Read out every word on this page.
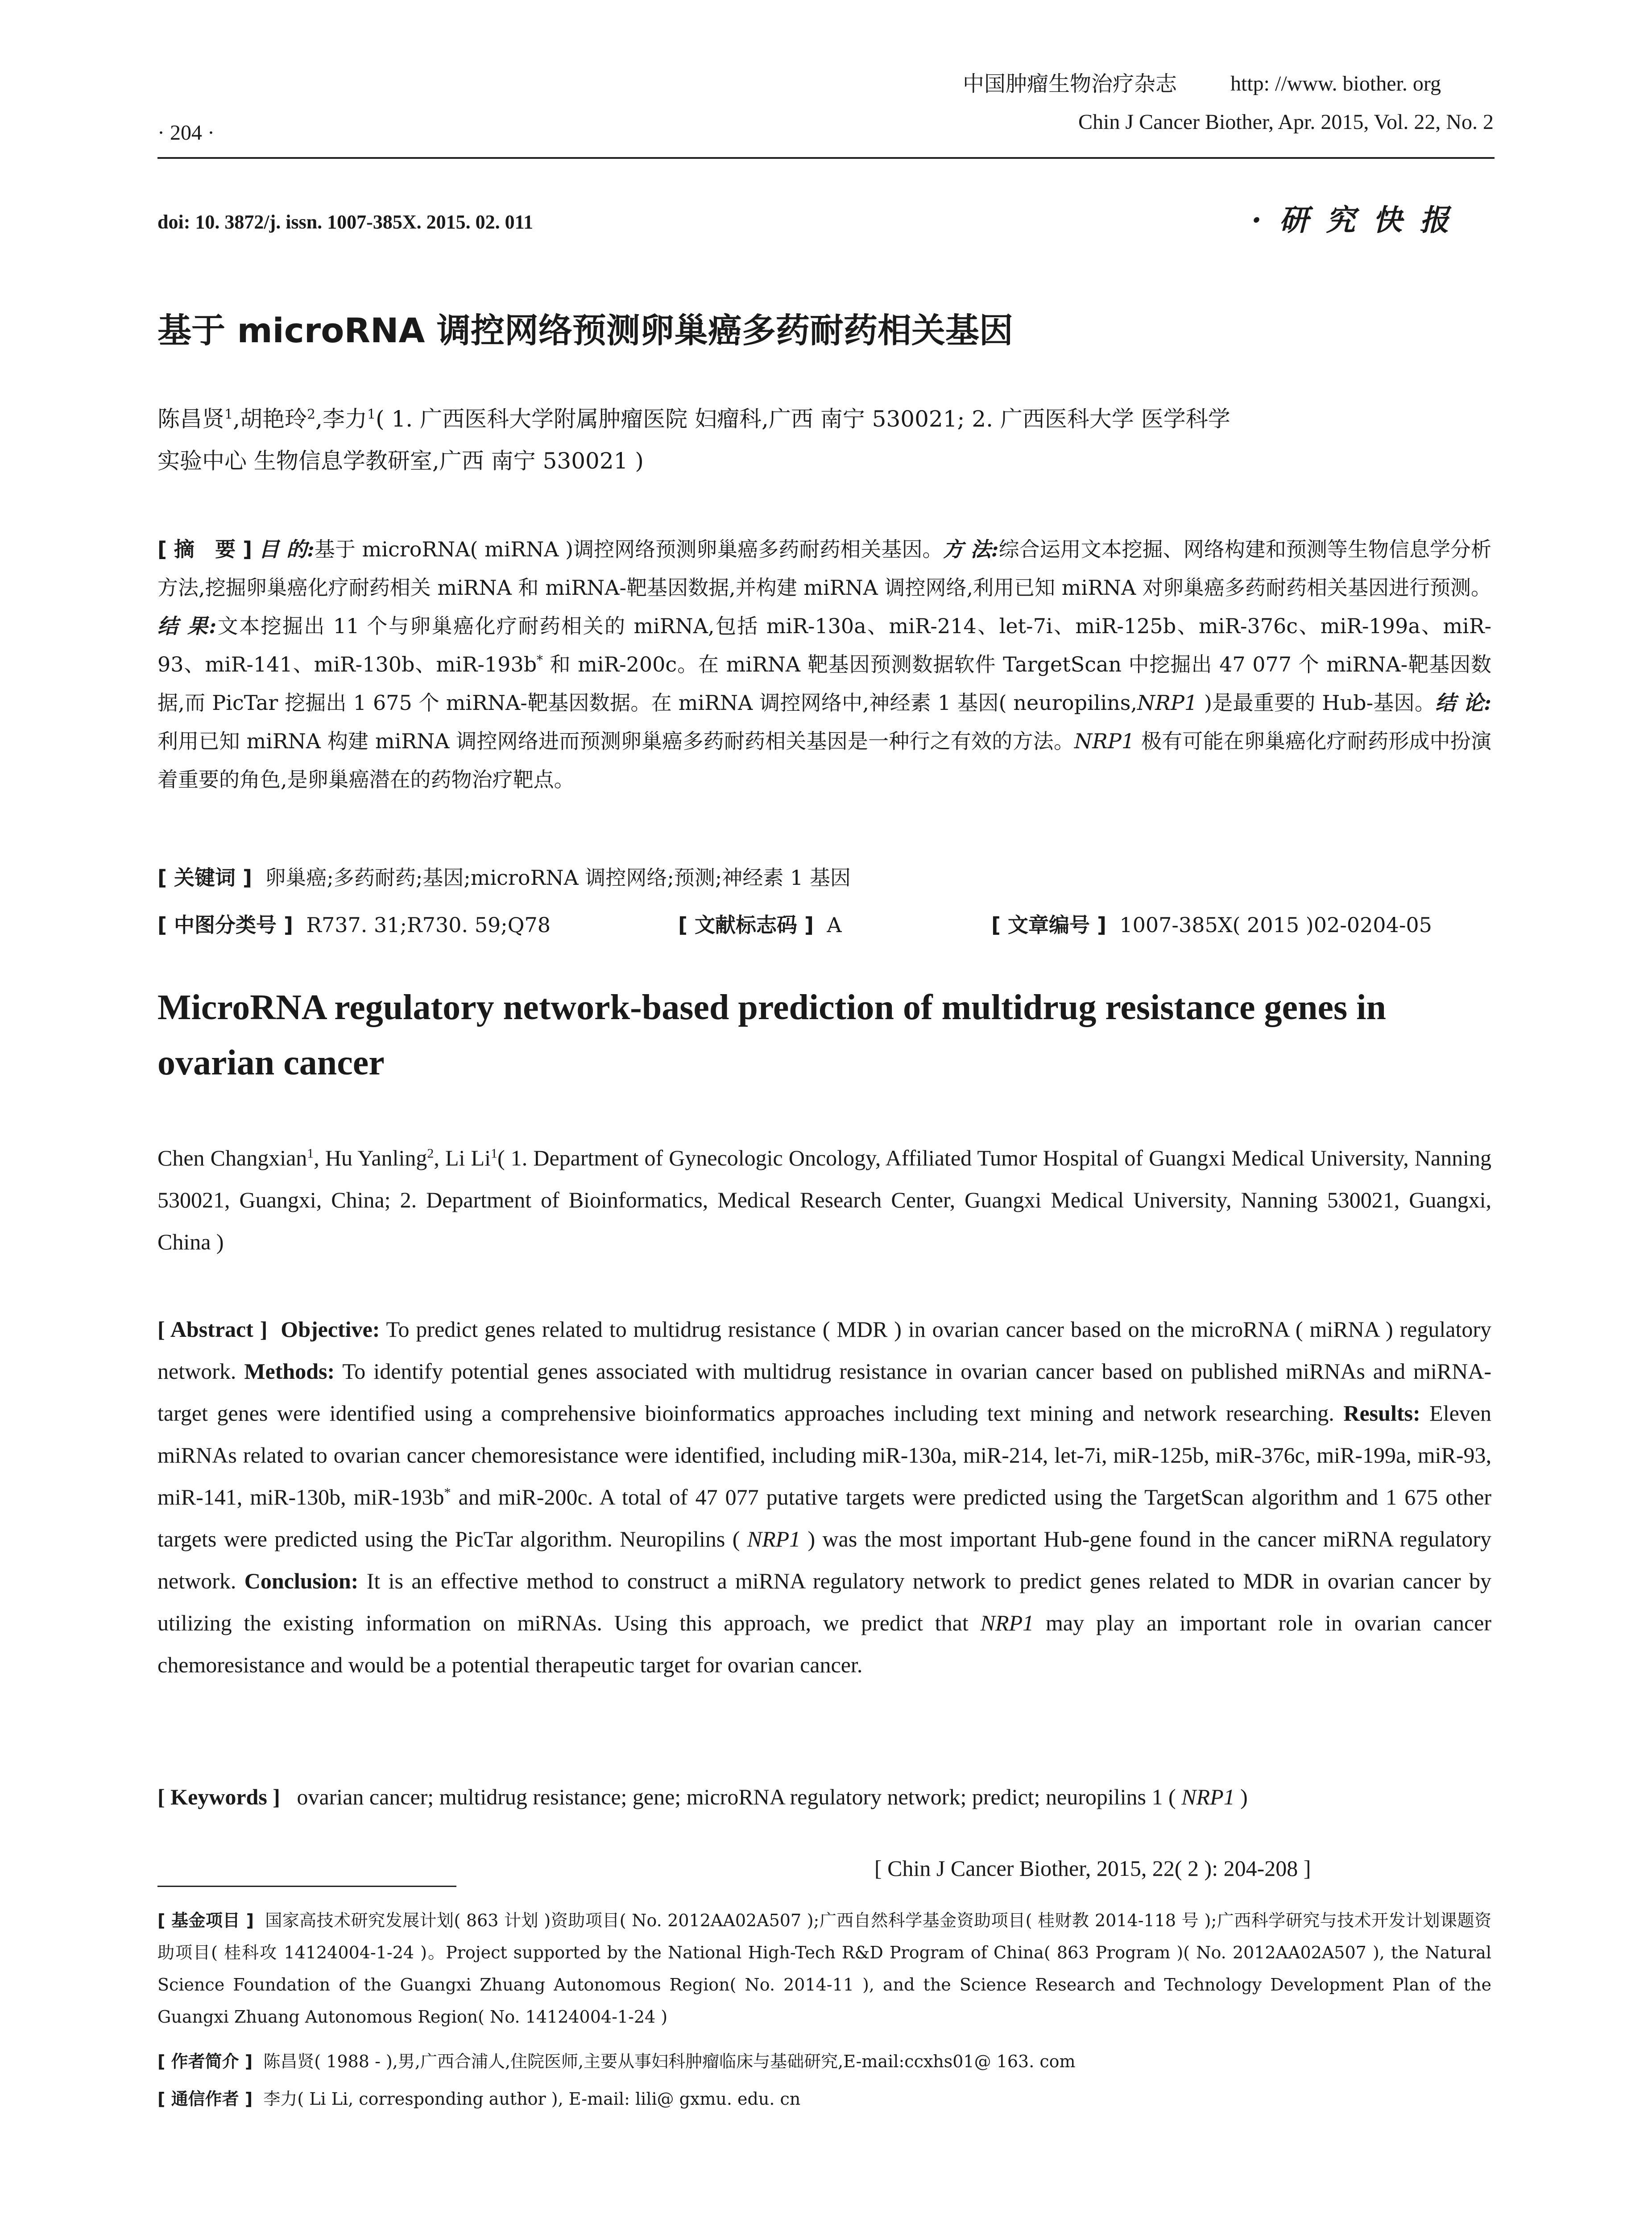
· 204 ·
中国肿瘤生物治疗杂志 http: //www. biother. org
Chin J Cancer Biother, Apr. 2015, Vol. 22, No. 2
doi: 10. 3872/j. issn. 1007-385X. 2015. 02. 011	· 研 究 快 报
基于 microRNA 调控网络预测卵巢癌多药耐药相关基因
陈昌贤$^1$,胡艳玲$^2$,李力$^1$( 1. 广西医科大学附属肿瘤医院 妇瘤科,广西 南宁 530021; 2. 广西医科大学 医学科学
实验中心 生物信息学教研室,广西 南宁 530021 )
[ 摘　要 ] 目 的:基于 microRNA( miRNA )调控网络预测卵巢癌多药耐药相关基因。方 法:综合运用文本挖掘、网络构建和预测等生物信息学分析方法,挖掘卵巢癌化疗耐药相关 miRNA 和 miRNA-靶基因数据,并构建 miRNA 调控网络,利用已知 miRNA 对卵巢癌多药耐药相关基因进行预测。结 果:文本挖掘出 11 个与卵巢癌化疗耐药相关的 miRNA,包括 miR-130a、miR-214、let-7i、miR-125b、miR-376c、miR-199a、miR-93、miR-141、miR-130b、miR-193b* 和 miR-200c。在 miRNA 靶基因预测数据软件 TargetScan 中挖掘出 47 077 个 miRNA-靶基因数据,而 PicTar 挖掘出 1 675 个 miRNA-靶基因数据。在 miRNA 调控网络中,神经素 1 基因( neuropilins,NRP1 )是最重要的 Hub-基因。结 论:利用已知 miRNA 构建 miRNA 调控网络进而预测卵巢癌多药耐药相关基因是一种行之有效的方法。NRP1 极有可能在卵巢癌化疗耐药形成中扮演着重要的角色,是卵巢癌潜在的药物治疗靶点。
[ 关键词 ] 卵巢癌;多药耐药;基因;microRNA 调控网络;预测;神经素 1 基因
[ 中图分类号 ] R737. 31;R730. 59;Q78	[ 文献标志码 ] A	[ 文章编号 ] 1007-385X( 2015 )02-0204-05
MicroRNA regulatory network-based prediction of multidrug resistance genes in ovarian cancer
Chen Changxian$^1$, Hu Yanling$^2$, Li Li$^1$( 1. Department of Gynecologic Oncology, Affiliated Tumor Hospital of Guangxi Medical University, Nanning 530021, Guangxi, China; 2. Department of Bioinformatics, Medical Research Center, Guangxi Medical University, Nanning 530021, Guangxi, China )
[ Abstract ] Objective: To predict genes related to multidrug resistance ( MDR ) in ovarian cancer based on the microRNA ( miRNA ) regulatory network. Methods: To identify potential genes associated with multidrug resistance in ovarian cancer based on published miRNAs and miRNA-target genes were identified using a comprehensive bioinformatics approaches including text mining and network researching. Results: Eleven miRNAs related to ovarian cancer chemoresistance were identified, including miR-130a, miR-214, let-7i, miR-125b, miR-376c, miR-199a, miR-93, miR-141, miR-130b, miR-193b* and miR-200c. A total of 47 077 putative targets were predicted using the TargetScan algorithm and 1 675 other targets were predicted using the PicTar algorithm. Neuropilins ( NRP1 ) was the most important Hub-gene found in the cancer miRNA regulatory network. Conclusion: It is an effective method to construct a miRNA regulatory network to predict genes related to MDR in ovarian cancer by utilizing the existing information on miRNAs. Using this approach, we predict that NRP1 may play an important role in ovarian cancer chemoresistance and would be a potential therapeutic target for ovarian cancer.
[ Keywords ] ovarian cancer; multidrug resistance; gene; microRNA regulatory network; predict; neuropilins 1 ( NRP1 )
[ Chin J Cancer Biother, 2015, 22( 2 ): 204-208 ]
[ 基金项目 ] 国家高技术研究发展计划( 863 计划 )资助项目( No. 2012AA02A507 );广西自然科学基金资助项目( 桂财教 2014-118 号 );广西科学研究与技术开发计划课题资助项目( 桂科攻 14124004-1-24 )。Project supported by the National High-Tech R&D Program of China( 863 Program )( No. 2012AA02A507 ), the Natural Science Foundation of the Guangxi Zhuang Autonomous Region( No. 2014-11 ), and the Science Research and Technology Development Plan of the Guangxi Zhuang Autonomous Region( No. 14124004-1-24 )
[ 作者简介 ] 陈昌贤( 1988 - ),男,广西合浦人,住院医师,主要从事妇科肿瘤临床与基础研究,E-mail:ccxhs01@ 163. com
[ 通信作者 ] 李力( Li Li, corresponding author ), E-mail: lili@ gxmu. edu. cn
